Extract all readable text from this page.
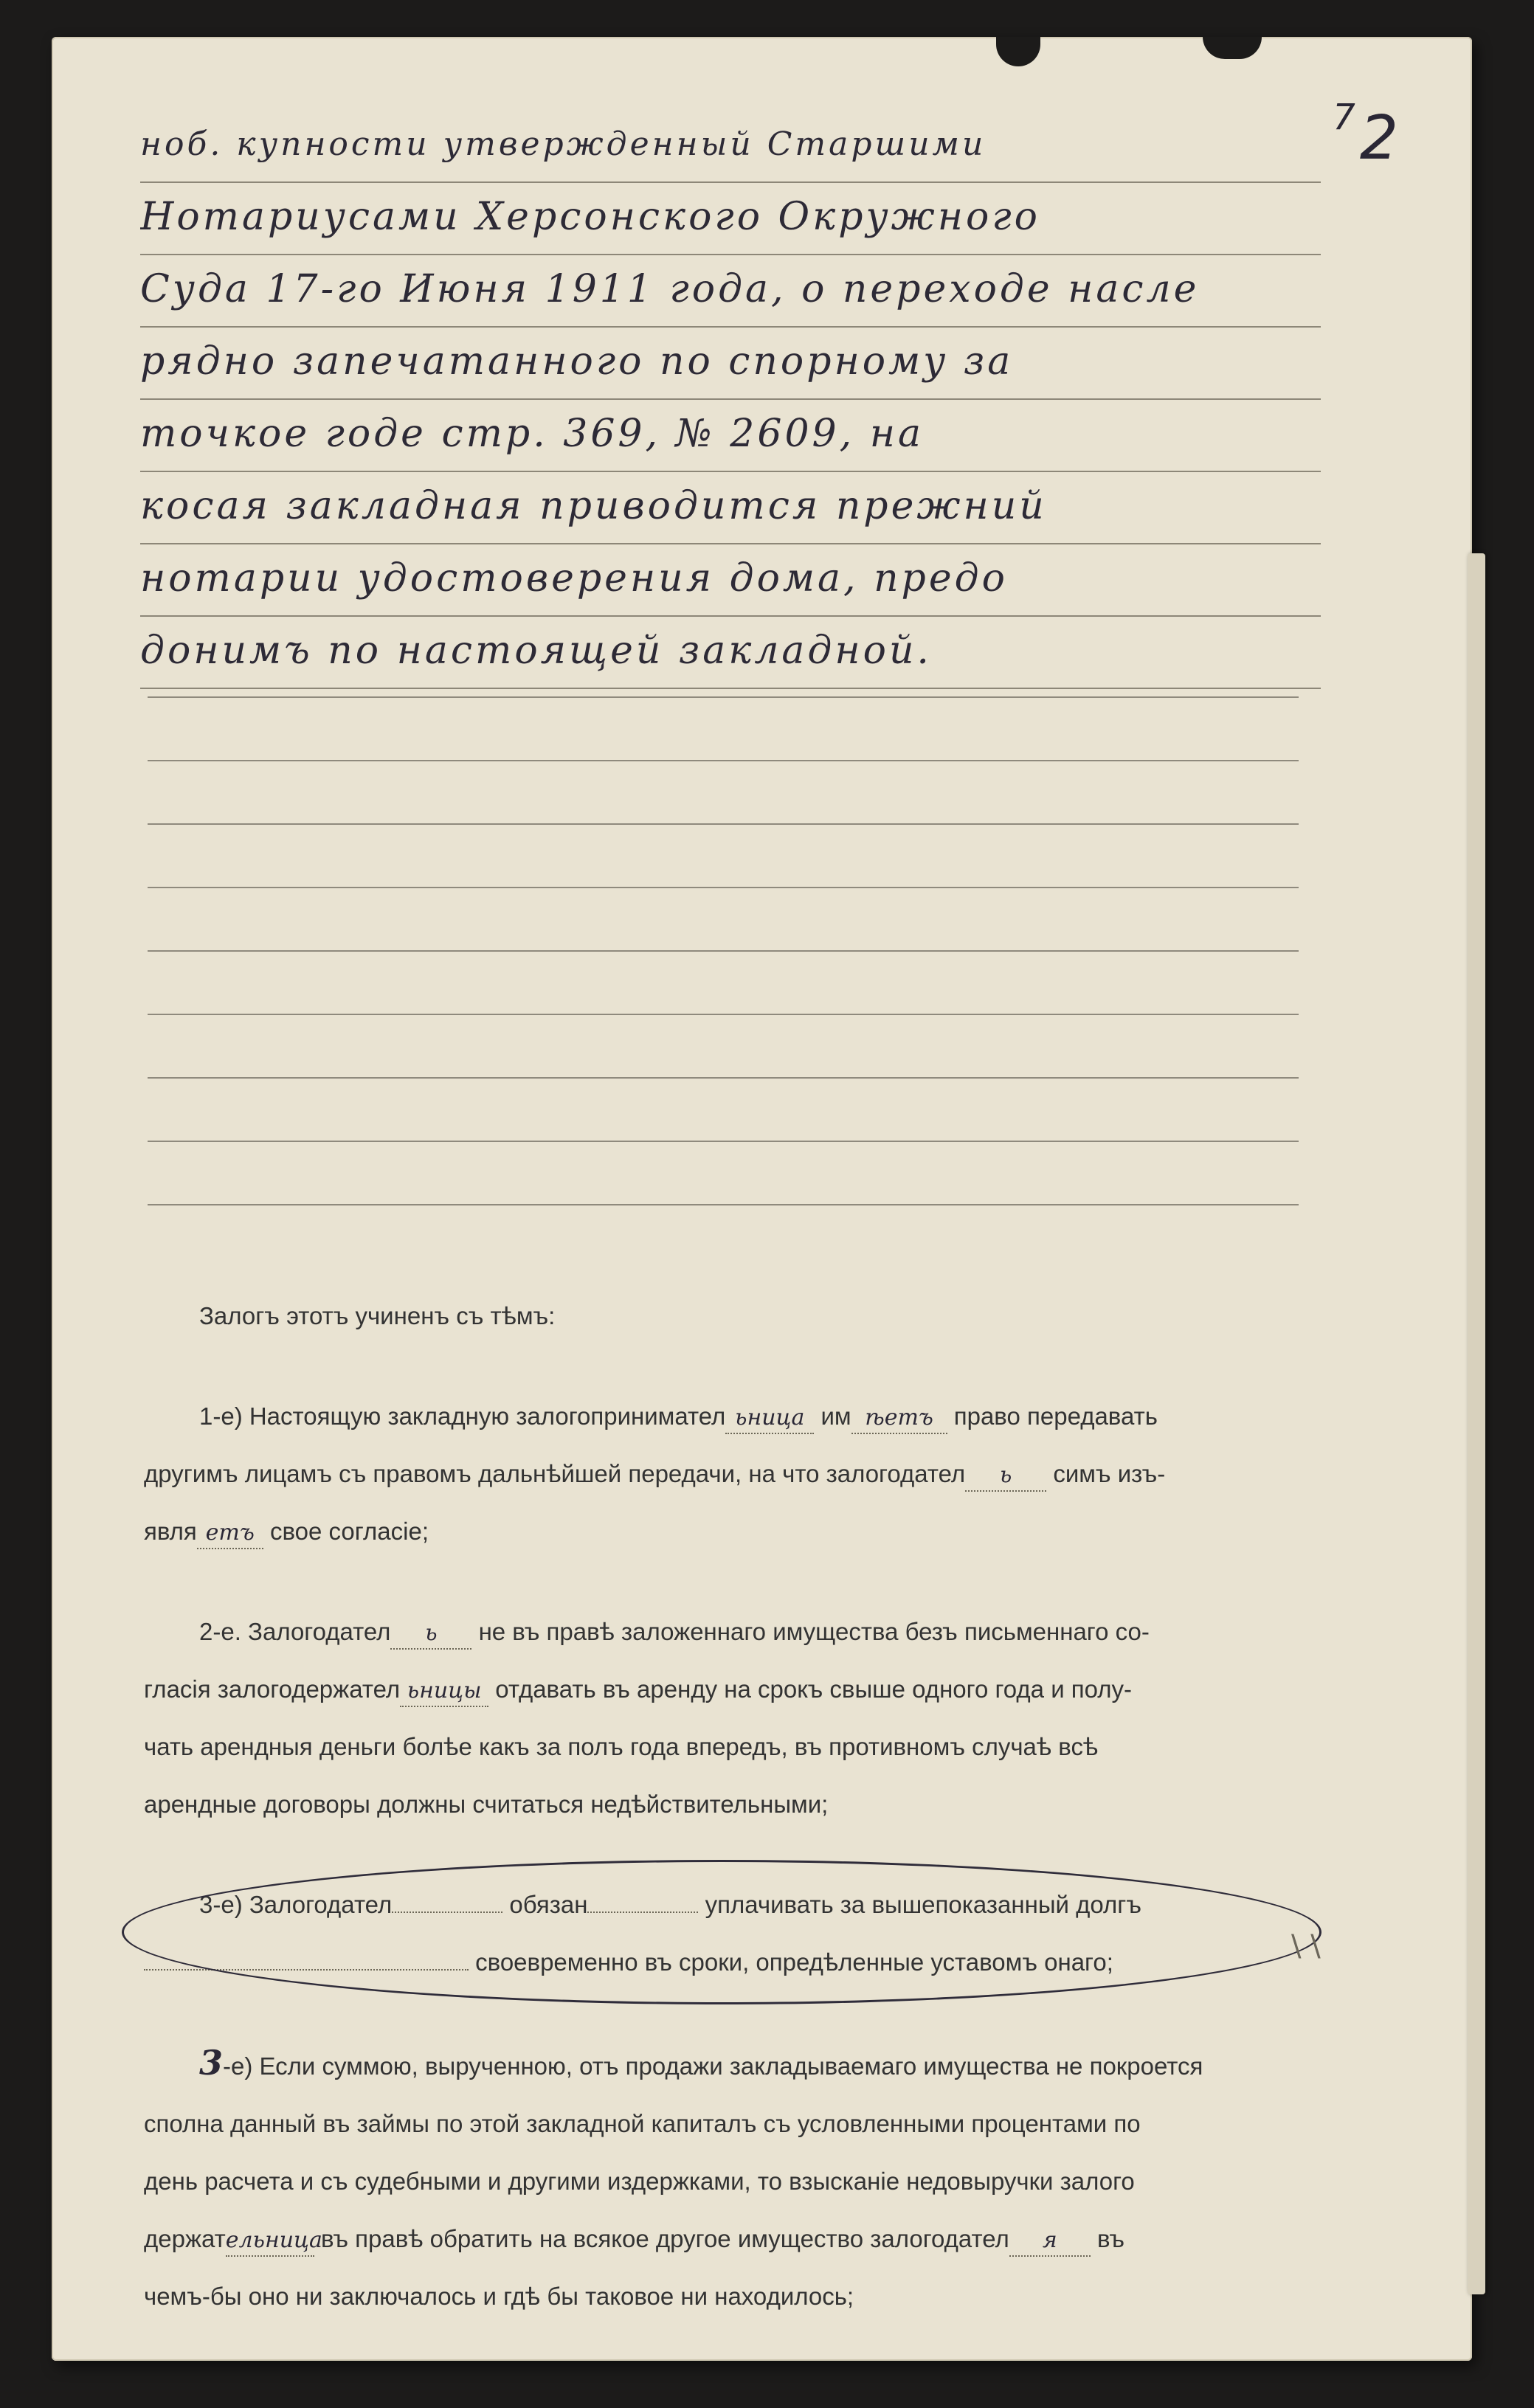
$^7$2

ноб. купности утвержденный Старшими

Нотариусами Херсонского Окружного

Суда 17-го Июня 1911 года, о переходе насле

рядно запечатанного по спорному за

точкое годе стр. 369, № 2609, на

косая закладная приводится прежний

нотарии удостоверения дома, предо

донимъ по настоящей закладной.

Залогъ этотъ учиненъ съ тѣмъ:

1-е) Настоящую закладную залогопринимател ьница им ѣетъ право передавать

другимъ лицамъ съ правомъ дальнѣйшей передачи, на что залогодател ь симъ изъ-

явля етъ свое согласіе;

2-е. Залогодател ь не въ правѣ заложеннаго имущества безъ письменнаго со-

гласія залогодержател ьницы отдавать въ аренду на срокъ свыше одного года и полу-

чать арендныя деньги болѣе какъ за полъ года впередъ, въ противномъ случаѣ всѣ

арендные договоры должны считаться недѣйствительными;

3-е) Залогодател	обязан	уплачивать за вышепоказанный долгъ

своевременно въ сроки, опредѣленные уставомъ онаго;

3-е) Если суммою, вырученною, отъ продажи закладываемаго имущества не покроется

сполна данный въ займы по этой закладной капиталъ съ условленными процентами по

день расчета и съ судебными и другими издержками, то взысканіе недовыручки залого

держательница въ правѣ обратить на всякое другое имущество залогодател я въ

чемъ-бы оно ни заключалось и гдѣ бы таковое ни находилось;

\ \
